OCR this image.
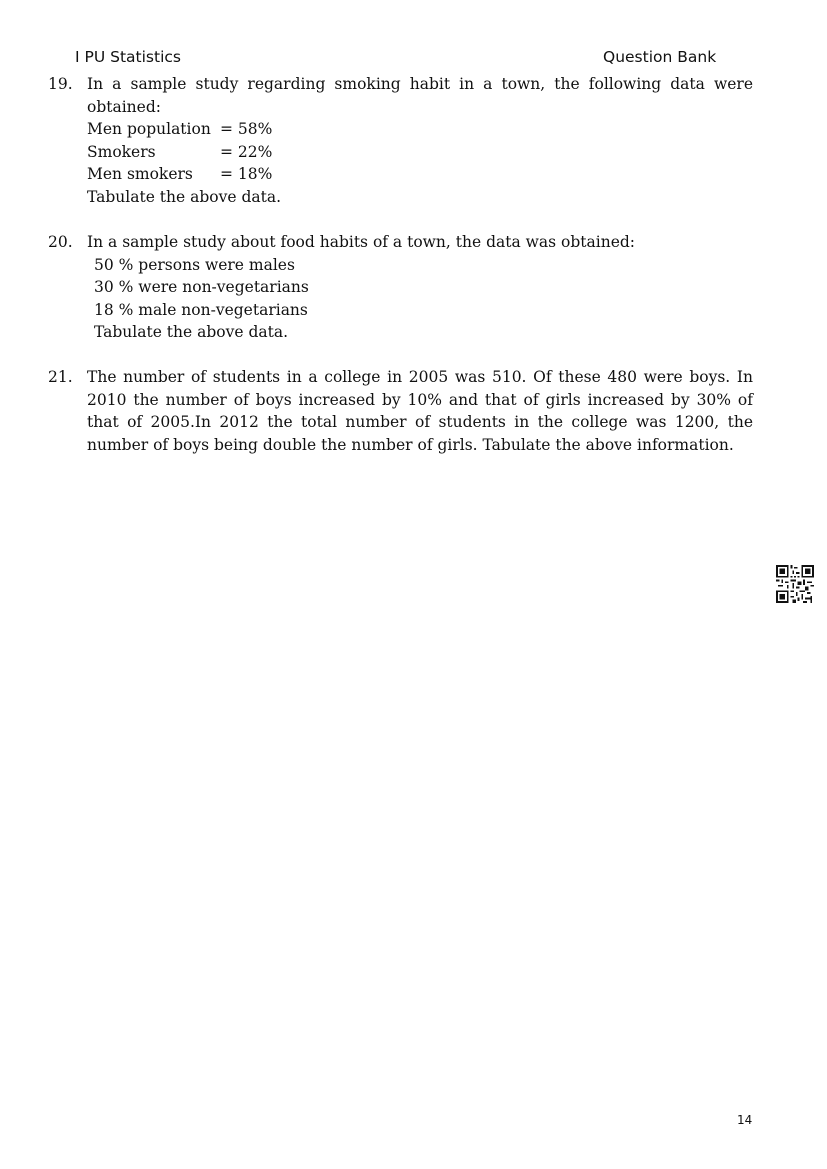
I PU Statistics	Question Bank
19. In a sample study regarding smoking habit in a town, the following data were obtained:
Men population = 58%
Smokers	= 22%
Men smokers	= 18%
Tabulate the above data.
20. In a sample study about food habits of a town, the data was obtained:
50 % persons were males
30 % were non-vegetarians
18 % male non-vegetarians
Tabulate the above data.
21. The number of students in a college in 2005 was 510. Of these 480 were boys. In 2010 the number of boys increased by 10% and that of girls increased by 30% of that of 2005.In 2012 the total number of students in the college was 1200, the number of boys being double the number of girls. Tabulate the above information.
14
